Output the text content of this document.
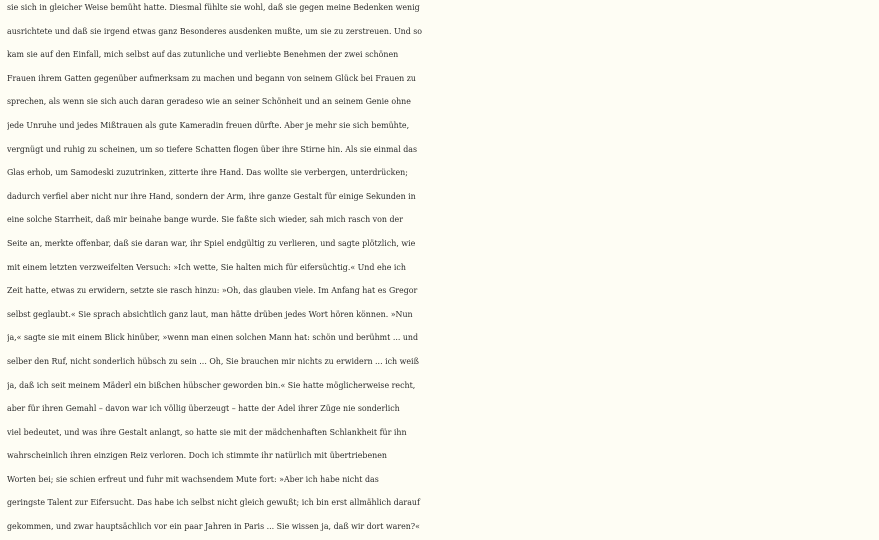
sie sich in gleicher Weise bemüht hatte. Diesmal fühlte sie wohl, daß sie gegen meine Bedenken wenig
ausrichtete und daß sie irgend etwas ganz Besonderes ausdenken mußte, um sie zu zerstreuen. Und so
kam sie auf den Einfall, mich selbst auf das zutunliche und verliebte Benehmen der zwei schönen
Frauen ihrem Gatten gegenüber aufmerksam zu machen und begann von seinem Glück bei Frauen zu
sprechen, als wenn sie sich auch daran geradeso wie an seiner Schönheit und an seinem Genie ohne
jede Unruhe und jedes Mißtrauen als gute Kameradin freuen dürfte. Aber je mehr sie sich bemühte,
vergnügt und ruhig zu scheinen, um so tiefere Schatten flogen über ihre Stirne hin. Als sie einmal das
Glas erhob, um Samodeski zuzutrinken, zitterte ihre Hand. Das wollte sie verbergen, unterdrücken;
dadurch verfiel aber nicht nur ihre Hand, sondern der Arm, ihre ganze Gestalt für einige Sekunden in
eine solche Starrheit, daß mir beinahe bange wurde. Sie faßte sich wieder, sah mich rasch von der
Seite an, merkte offenbar, daß sie daran war, ihr Spiel endgültig zu verlieren, und sagte plötzlich, wie
mit einem letzten verzweifelten Versuch: »Ich wette, Sie halten mich für eifersüchtig.« Und ehe ich
Zeit hatte, etwas zu erwidern, setzte sie rasch hinzu: »Oh, das glauben viele. Im Anfang hat es Gregor
selbst geglaubt.« Sie sprach absichtlich ganz laut, man hätte drüben jedes Wort hören können. »Nun
ja,« sagte sie mit einem Blick hinüber, »wenn man einen solchen Mann hat: schön und berühmt ... und
selber den Ruf, nicht sonderlich hübsch zu sein ... Oh, Sie brauchen mir nichts zu erwidern ... ich weiß
ja, daß ich seit meinem Mäderl ein bißchen hübscher geworden bin.« Sie hatte möglicherweise recht,
aber für ihren Gemahl – davon war ich völlig überzeugt – hatte der Adel ihrer Züge nie sonderlich
viel bedeutet, und was ihre Gestalt anlangt, so hatte sie mit der mädchenhaften Schlankheit für ihn
wahrscheinlich ihren einzigen Reiz verloren. Doch ich stimmte ihr natürlich mit übertriebenen
Worten bei; sie schien erfreut und fuhr mit wachsendem Mute fort: »Aber ich habe nicht das
geringste Talent zur Eifersucht. Das habe ich selbst nicht gleich gewußt; ich bin erst allmählich darauf
gekommen, und zwar hauptsächlich vor ein paar Jahren in Paris ... Sie wissen ja, daß wir dort waren?«
